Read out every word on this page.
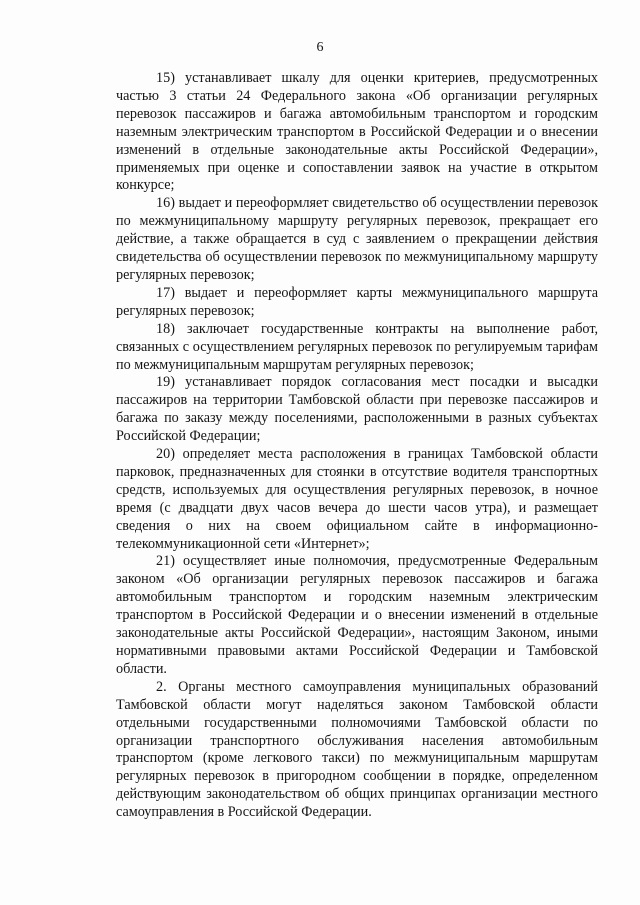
6

15) устанавливает шкалу для оценки критериев, предусмотренных частью 3 статьи 24 Федерального закона «Об организации регулярных перевозок пассажиров и багажа автомобильным транспортом и городским наземным электрическим транспортом в Российской Федерации и о внесении изменений в отдельные законодательные акты Российской Федерации», применяемых при оценке и сопоставлении заявок на участие в открытом конкурсе;

16) выдает и переоформляет свидетельство об осуществлении перевозок по межмуниципальному маршруту регулярных перевозок, прекращает его действие, а также обращается в суд с заявлением о прекращении действия свидетельства об осуществлении перевозок по межмуниципальному маршруту регулярных перевозок;

17) выдает и переоформляет карты межмуниципального маршрута регулярных перевозок;

18) заключает государственные контракты на выполнение работ, связанных с осуществлением регулярных перевозок по регулируемым тарифам по межмуниципальным маршрутам регулярных перевозок;

19) устанавливает порядок согласования мест посадки и высадки пассажиров на территории Тамбовской области при перевозке пассажиров и багажа по заказу между поселениями, расположенными в разных субъектах Российской Федерации;

20) определяет места расположения в границах Тамбовской области парковок, предназначенных для стоянки в отсутствие водителя транспортных средств, используемых для осуществления регулярных перевозок, в ночное время (с двадцати двух часов вечера до шести часов утра), и размещает сведения о них на своем официальном сайте в информационно-телекоммуникационной сети «Интернет»;

21) осуществляет иные полномочия, предусмотренные Федеральным законом «Об организации регулярных перевозок пассажиров и багажа автомобильным транспортом и городским наземным электрическим транспортом в Российской Федерации и о внесении изменений в отдельные законодательные акты Российской Федерации», настоящим Законом, иными нормативными правовыми актами Российской Федерации и Тамбовской области.

2. Органы местного самоуправления муниципальных образований Тамбовской области могут наделяться законом Тамбовской области отдельными государственными полномочиями Тамбовской области по организации транспортного обслуживания населения автомобильным транспортом (кроме легкового такси) по межмуниципальным маршрутам регулярных перевозок в пригородном сообщении в порядке, определенном действующим законодательством об общих принципах организации местного самоуправления в Российской Федерации.
